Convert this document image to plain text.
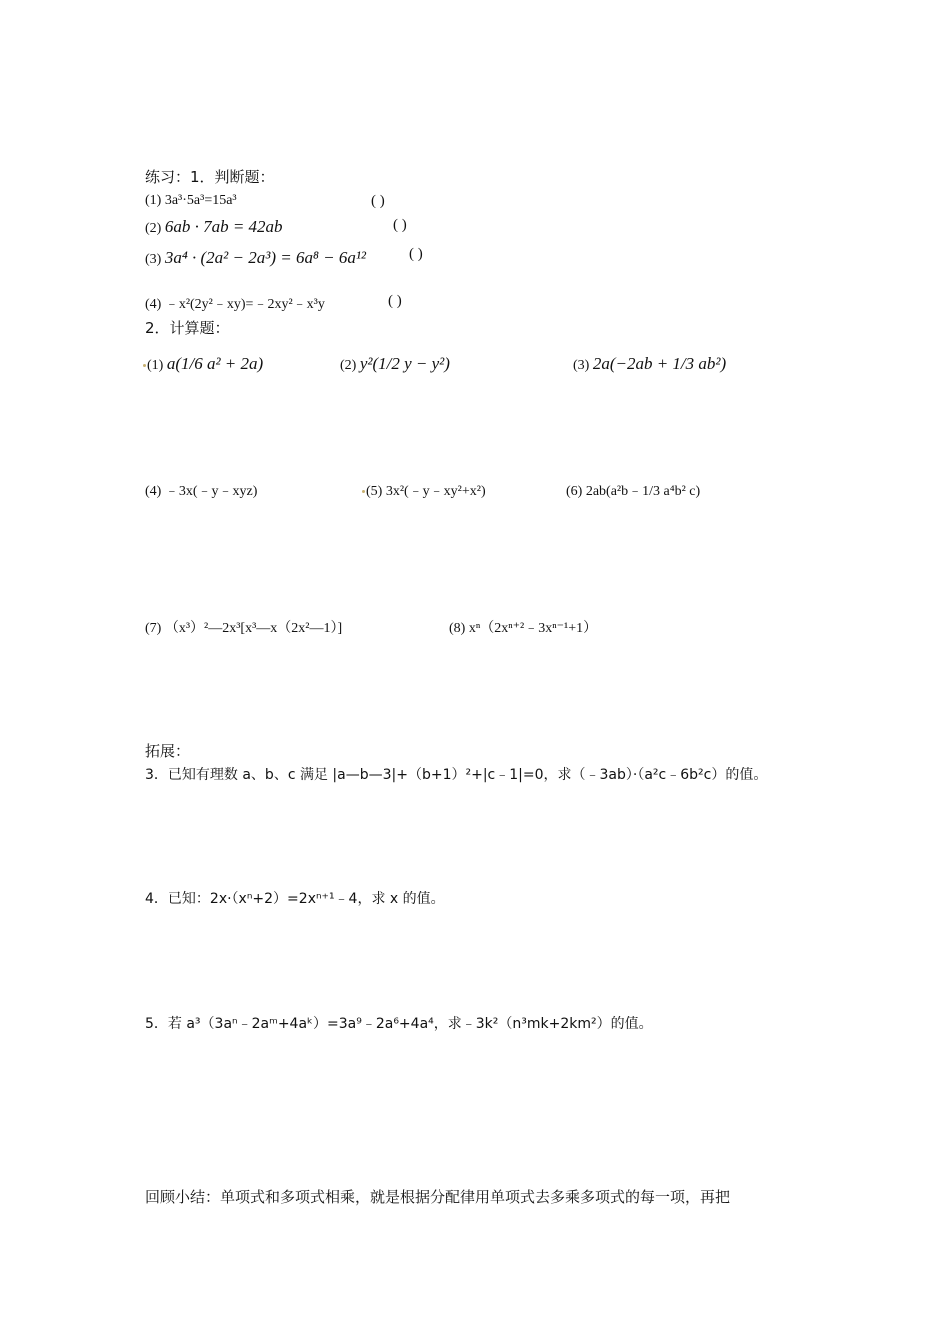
练习：1．判断题：
(1) 3a³·5a³=15a³	( )
(2) 6ab · 7ab = 42ab	( )
(3) 3a⁴ · (2a² − 2a³) = 6a⁸ − 6a¹²	( )
(4) ﹣x²(2y²﹣xy)=﹣2xy²﹣x³y	( )
2．计算题：
(1) a(1/6 a² + 2a)	(2) y²(1/2 y − y²)	(3) 2a(−2ab + 1/3 ab²)
(4) ﹣3x(﹣y﹣xyz)	(5) 3x²(﹣y﹣xy²+x²)	(6) 2ab(a²b﹣1/3 a⁴b² c)
(7) （x³）²—2x³[x³—x（2x²—1）]	(8) xⁿ（2xⁿ⁺²﹣3xⁿ⁻¹+1）
拓展：
3．已知有理数 a、b、c 满足 |a—b—3|+（b+1）²+|c﹣1|=0，求（﹣3ab）·（a²c﹣6b²c）的值。
4．已知：2x·（xⁿ+2）=2xⁿ⁺¹﹣4，求 x 的值。
5．若 a³（3aⁿ﹣2aᵐ+4aᵏ）=3a⁹﹣2a⁶+4a⁴，求﹣3k²（n³mk+2km²）的值。
回顾小结：单项式和多项式相乘，就是根据分配律用单项式去多乘多项式的每一项，再把
